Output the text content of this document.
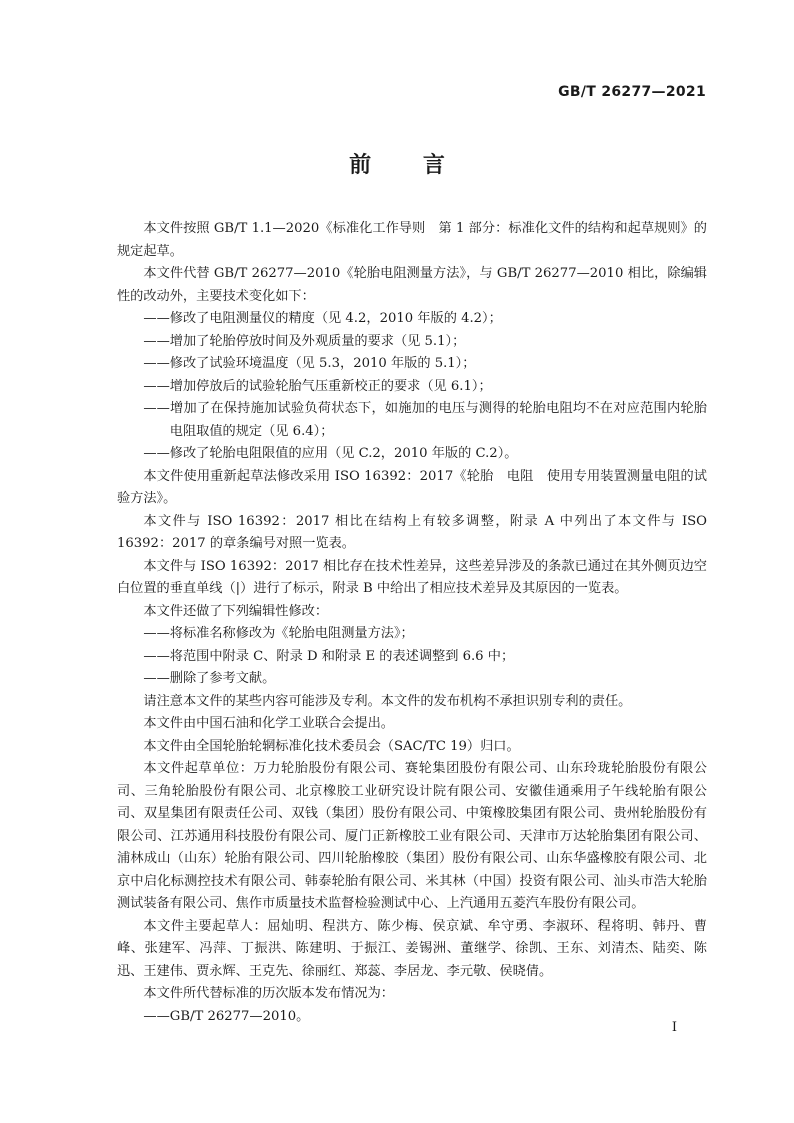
GB/T 26277—2021
前 言

本文件按照 GB/T 1.1—2020《标准化工作导则　第 1 部分：标准化文件的结构和起草规则》的规定起草。

本文件代替 GB/T 26277—2010《轮胎电阻测量方法》，与 GB/T 26277—2010 相比，除编辑性的改动外，主要技术变化如下：

——修改了电阻测量仪的精度（见 4.2，2010 年版的 4.2）；

——增加了轮胎停放时间及外观质量的要求（见 5.1）；

——修改了试验环境温度（见 5.3，2010 年版的 5.1）；

——增加停放后的试验轮胎气压重新校正的要求（见 6.1）；

——增加了在保持施加试验负荷状态下，如施加的电压与测得的轮胎电阻均不在对应范围内轮胎电阻取值的规定（见 6.4）；

——修改了轮胎电阻限值的应用（见 C.2，2010 年版的 C.2）。

本文件使用重新起草法修改采用 ISO 16392：2017《轮胎　电阻　使用专用装置测量电阻的试验方法》。

本文件与 ISO 16392：2017 相比在结构上有较多调整，附录 A 中列出了本文件与 ISO 16392：2017 的章条编号对照一览表。

本文件与 ISO 16392：2017 相比存在技术性差异，这些差异涉及的条款已通过在其外侧页边空白位置的垂直单线（|）进行了标示，附录 B 中给出了相应技术差异及其原因的一览表。

本文件还做了下列编辑性修改：

——将标准名称修改为《轮胎电阻测量方法》；

——将范围中附录 C、附录 D 和附录 E 的表述调整到 6.6 中；

——删除了参考文献。

请注意本文件的某些内容可能涉及专利。本文件的发布机构不承担识别专利的责任。

本文件由中国石油和化学工业联合会提出。

本文件由全国轮胎轮辋标准化技术委员会（SAC/TC 19）归口。

本文件起草单位：万力轮胎股份有限公司、赛轮集团股份有限公司、山东玲珑轮胎股份有限公司、三角轮胎股份有限公司、北京橡胶工业研究设计院有限公司、安徽佳通乘用子午线轮胎有限公司、双星集团有限责任公司、双钱（集团）股份有限公司、中策橡胶集团有限公司、贵州轮胎股份有限公司、江苏通用科技股份有限公司、厦门正新橡胶工业有限公司、天津市万达轮胎集团有限公司、浦林成山（山东）轮胎有限公司、四川轮胎橡胶（集团）股份有限公司、山东华盛橡胶有限公司、北京中启化标测控技术有限公司、韩泰轮胎有限公司、米其林（中国）投资有限公司、汕头市浩大轮胎测试装备有限公司、焦作市质量技术监督检验测试中心、上汽通用五菱汽车股份有限公司。

本文件主要起草人：屈灿明、程洪方、陈少梅、侯京斌、牟守勇、李淑环、程将明、韩丹、曹峰、张建军、冯萍、丁振洪、陈建明、于振江、姜锡洲、董继学、徐凯、王东、刘清杰、陆奕、陈迅、王建伟、贾永辉、王克先、徐丽红、郑蕊、李居龙、李元敬、侯晓倩。

本文件所代替标准的历次版本发布情况为：

——GB/T 26277—2010。

I
